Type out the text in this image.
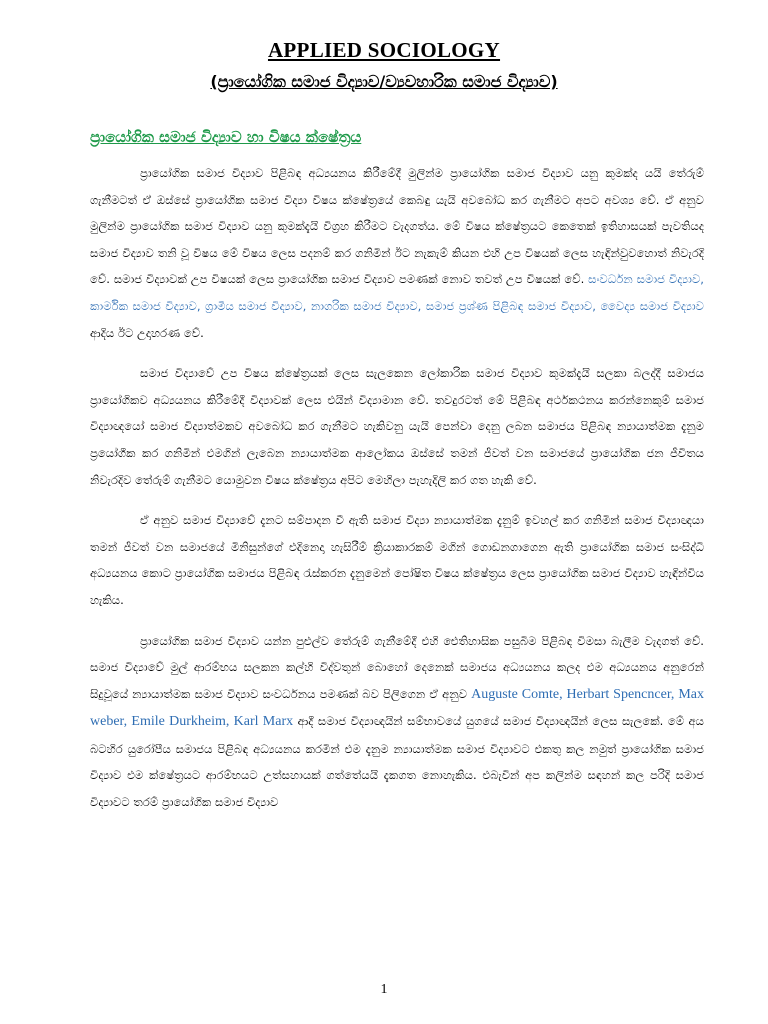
APPLIED SOCIOLOGY
(ප්‍රායෝගික සමාජ විද්‍යාව/ව්‍යවහාරික සමාජ විද්‍යාව)
ප්‍රායෝගික සමාජ විද්‍යාව හා විෂය ක්ෂේත්‍රය

ප්‍රායෝගික සමාජ විද්‍යාව පිළිබඳ අධ්‍යයනය කිරීමේදී මුලින්ම ප්‍රායෝගික සමාජ විද්‍යාව යනු කුමක්ද යයි තේරුම් ගැනීමටත් ඒ ඔස්සේ ප්‍රායෝගික සමාජ විද්‍යා විෂය ක්ෂේත්‍රයේ කෙබඳු යැයි අවබෝධ කර ගැනීමට අපට අවශ්‍ය වේ. ඒ අනුව මුලින්ම ප්‍රායෝගික සමාජ විද්‍යාව යනු කුමක්දැයි විග්‍රහ කිරීමට වැදගත්ය. මේ විෂය ක්ෂේත්‍රයට කෙතෙක් ඉතිහාසයක් පැවතියද සමාජ විද්‍යාව තනි වූ විෂය මේ විෂය ලෙස පදනම් කර ගනිමින් ඊට නැකැම් කියන එහි උප විෂයක් ලෙස හැඳින්වුවහොත් නිවැරදි වේ. සමාජ විද්‍යාවක් උප විෂයක් ලෙස ප්‍රායෝගික සමාජ විද්‍යාව පමණක් නොව තවත් උප විෂයක් වේ. සංවර්ධන සමාජ විද්‍යාව, කාර්මික සමාජ විද්‍යාව, ග්‍රාමීය සමාජ විද්‍යාව, නාගරික සමාජ විද්‍යාව, සමාජ ප්‍රශ්ණ පිළිබඳ සමාජ විද්‍යාව, වෛද්‍ය සමාජ විද්‍යාව ආදිය ඊට උදාහරණ වේ.

සමාජ විද්‍යාවේ උප විෂය ක්ෂේත්‍රයක් ලෙස සැලකෙන ලෝකාරික සමාජ විද්‍යාව කුමක්දැයි සලකා බලද්දී සමාජය ප්‍රායෝගිකව අධ්‍යයනය කිරීමේදී විද්‍යාවක් ලෙස එයින් විද්‍යාමාන වේ. තවදුරටත් මේ පිළිබඳ අර්ථකථනය කරන්නෙකුම් සමාජ විද්‍යාඥයෝ සමාජ විද්‍යාත්මකව අවබෝධ කර ගැනීමට හැකිවනු යැයි පෙන්වා දෙනු ලබන සමාජය පිළිබඳ න්‍යායාත්මක දැනුම ප්‍රයෝගීක කර ගනිමින් එමගින් ලැබෙන න්‍යායාත්මක ආලෝකය ඔස්සේ තමන් ජීවත් වන සමාජයේ ප්‍රායෝගික ජන ජීවිතය නිවැරදිව තේරුම් ගැනීමට යොමුවන විෂය ක්ෂේත්‍රය අපිට මෙහිලා පැහැදිලි කර ගත හැකි වේ.

ඒ අනුව සමාජ විද්‍යාවේ දැනට සම්පාදන වී ඇති සමාජ විද්‍යා න්‍යායාත්මක දැනුම් ඉවහල් කර ගනිමින් සමාජ විද්‍යාඥයා තමන් ජීවත් වන සමාජයේ මිනිසුන්ගේ එදිනෙදා හැසිරීම් ක්‍රියාකාරකම් මගින් ගොඩනගාගෙන ඇති ප්‍රායෝගික සමාජ සංසිද්ධි අධ්‍යයනය කොට ප්‍රායෝගික සමාජය පිළිබඳ රැස්කරන දැනුමෙන් පෝෂිත විෂය ක්ෂේත්‍රය ලෙස ප්‍රායෝගික සමාජ විද්‍යාව හැඳින්විය හැකිය.

ප්‍රායෝගික සමාජ විද්‍යාව යන්න පුළුල්ව තේරුම් ගැනීමේදී එහි ඓතිහාසික පසුබිම පිළිබඳ විමසා බැලීම වැදගත් වේ. සමාජ විද්‍යාවේ මුල් ආරම්භය සලකන කල්හි විද්වතුන් බොහෝ දෙනෙක් සමාජය අධ්‍යයනය කලද එම අධ්‍යයනය අනුරෙන් සිදුවූයේ න්‍යායාත්මක සමාජ විද්‍යාව සංවර්ධනය පමණක් බව පිලිගෙන ඒ අනුව Auguste Comte, Herbart Spencncer, Max weber, Emile Durkheim, Karl Marx ආදී සමාජ විද්‍යාඥයින් සම්භාවයේ යුගයේ සමාජ විද්‍යාඥයින් ලෙස සැලකේ. මේ අය බටහිර යුරෝපීය සමාජය පිළිබඳ අධ්‍යයනය කරමින් එම දැනුම න්‍යායාත්මක සමාජ විද්‍යාවට එකතු කල නමුත් ප්‍රායෝගික සමාජ විද්‍යාව එම ක්ෂේත්‍රයට ආරම්භයට උත්සහායක් ගත්තේයයි දැකගත නොහැකිය. එබැවින් අප කලින්ම සඳහන් කල පරිදි සමාජ විද්‍යාවට තරම් ප්‍රායෝගික සමාජ විද්‍යාව

1
